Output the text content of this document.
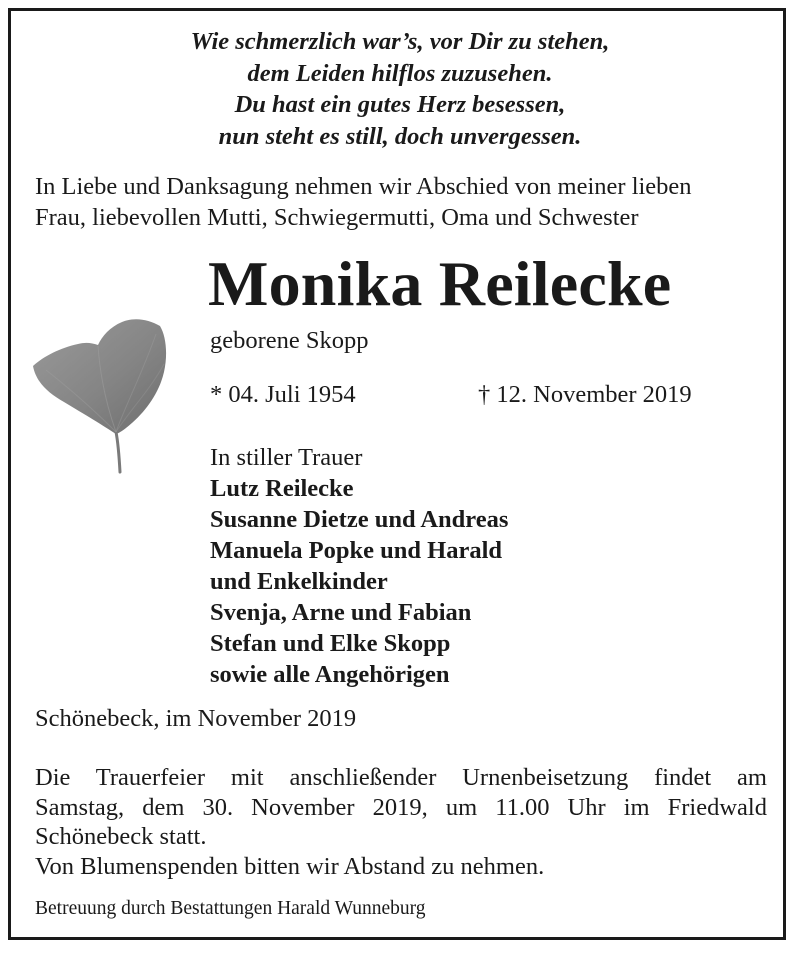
Wie schmerzlich war’s, vor Dir zu stehen,
dem Leiden hilflos zuzusehen.
Du hast ein gutes Herz besessen,
nun steht es still, doch unvergessen.
In Liebe und Danksagung nehmen wir Abschied von meiner lieben
Frau, liebevollen Mutti, Schwiegermutti, Oma und Schwester
Monika Reilecke
geborene Skopp
* 04. Juli 1954	† 12. November 2019
In stiller Trauer
Lutz Reilecke
Susanne Dietze und Andreas
Manuela Popke und Harald
und Enkelkinder
Svenja, Arne und Fabian
Stefan und Elke Skopp
sowie alle Angehörigen
Schönebeck, im November 2019
Die Trauerfeier mit anschließender Urnenbeisetzung findet am
Samstag, dem 30. November 2019, um 11.00 Uhr im Friedwald
Schönebeck statt.
Von Blumenspenden bitten wir Abstand zu nehmen.
Betreuung durch Bestattungen Harald Wunneburg
